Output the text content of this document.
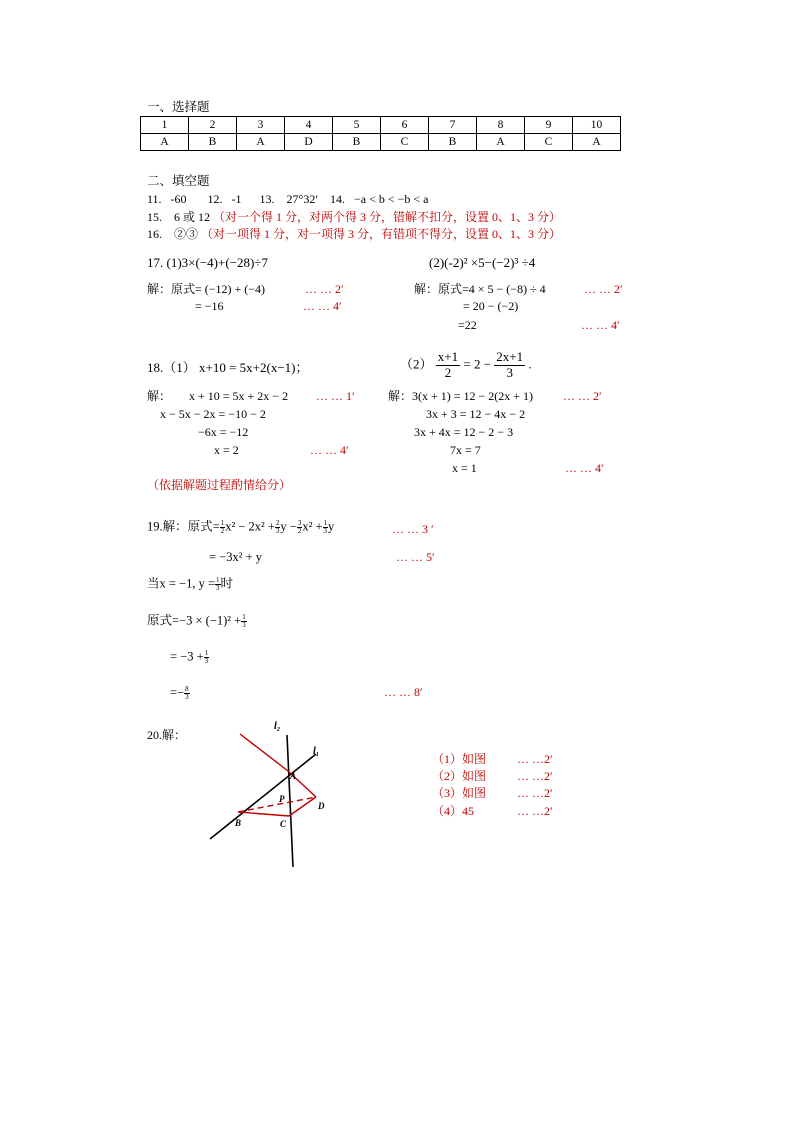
一、选择题
1	2	3	4	5	6	7	8	9	10
A	B	A	D	B	C	B	A	C	A
二、填空题
11.   -60       12.   -1      13.    27°32′    14.   −a < b < −b < a
15.    6 或 12 （对一个得 1 分，对两个得 3 分，错解不扣分，设置 0、1、3 分）
16.    ②③ （对一项得 1 分，对一项得 3 分，有错项不得分，设置 0、1、3 分）
17. (1)3×(−4)+(−28)÷7	(2)(-2)² ×5−(−2)³ ÷4
解：原式= (−12) + (−4)	… … 2′
= −16	… … 4′
解：原式=4 × 5 − (−8) ÷ 4	… … 2′
= 20 − (−2)
=22	… … 4′
18.（1） x+10 = 5x+2(x−1)；	$(2) \frac{x+1}{2} = 2 - \frac{2x+1}{3}$ .
解：      x + 10 = 5x + 2x − 2 … … 1′
x − 5x − 2x = −10 − 2
−6x = −12
x = 2	… … 4′
解：3(x + 1) = 12 − 2(2x + 1) … … 2′
3x + 3 = 12 − 4x − 2
3x + 4x = 12 − 2 − 3
7x = 7
x = 1	… … 4′
（依据解题过程酌情给分）
19.解：原式= $\frac{1}{2} x^2 - 2x^2 + \frac{2}{3}$ $y - \frac{3}{2} x^2 + \frac{1}{3}$ y	… … 3 ′
= −3x² + y	… … 5′
当x = −1, $y = \frac{1}{3}$ 时
原式$=-3 \times (-1)^2 + \frac{1}{3}$
= $-3 + \frac{1}{3}$
=− $\frac{8}{3}$	… … 8′
20.解：
l₂
l₁
A
P
D
B	C
（1）如图	… …2′
（2）如图	… …2′
（3）如图	… …2′
（4）45	… …2′
